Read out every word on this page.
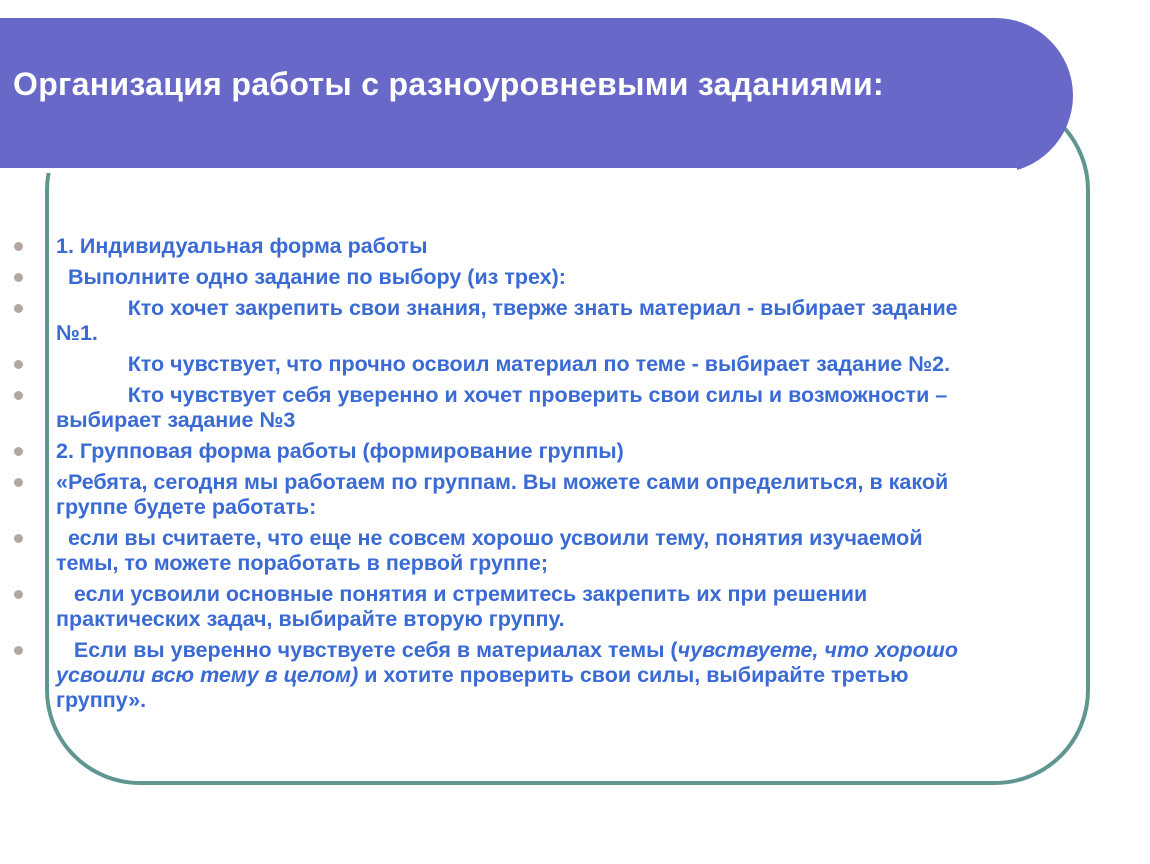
Организация работы с разноуровневыми заданиями:
1. Индивидуальная форма работы
Выполните одно задание по выбору (из трех):
Кто хочет закрепить свои знания, тверже знать материал - выбирает задание №1.
Кто чувствует, что прочно освоил материал по теме - выбирает задание №2.
Кто чувствует себя уверенно и хочет проверить свои силы и возможности – выбирает задание №3
2. Групповая форма работы (формирование группы)
«Ребята, сегодня мы работаем по группам. Вы можете сами определиться, в какой группе будете работать:
если вы считаете, что еще не совсем хорошо усвоили тему, понятия изучаемой темы, то можете поработать в первой группе;
если усвоили основные понятия и стремитесь закрепить их при решении практических задач, выбирайте вторую группу.
Если вы уверенно чувствуете себя в материалах темы (чувствуете, что хорошо усвоили всю тему в целом) и хотите проверить свои силы, выбирайте третью группу».
